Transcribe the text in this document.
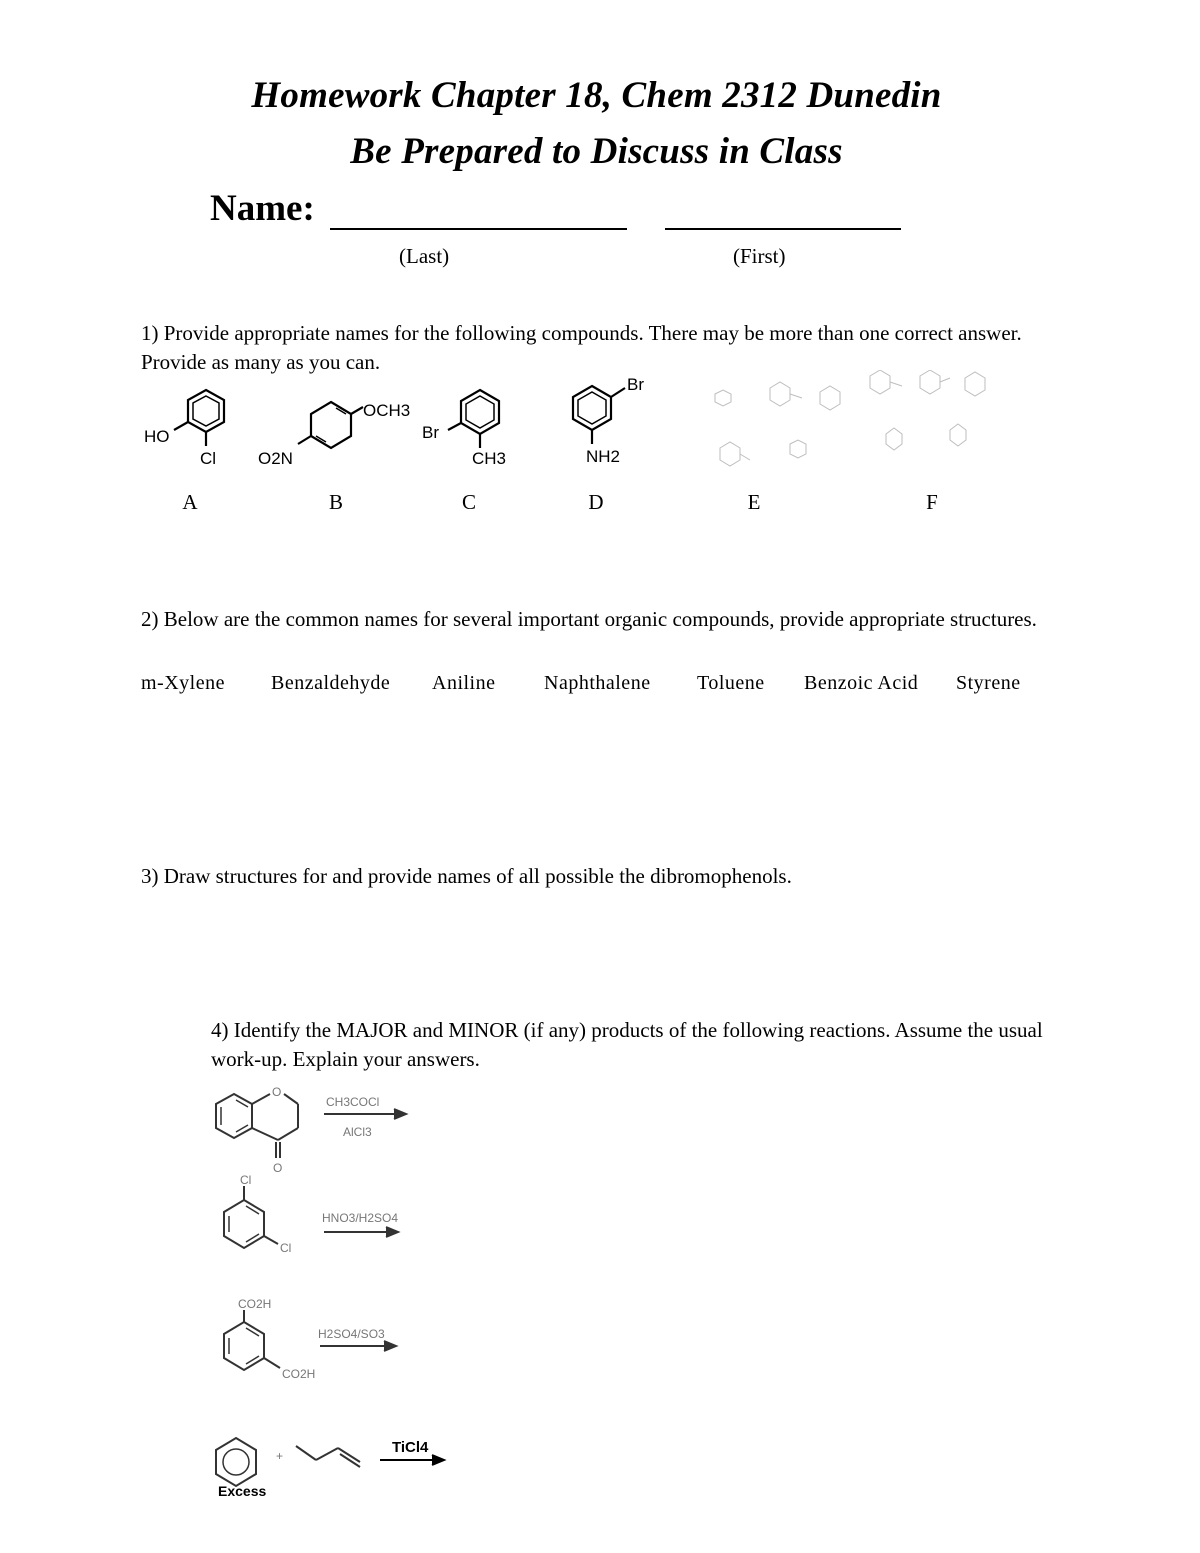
Homework Chapter 18, Chem 2312 Dunedin
Be Prepared to Discuss in Class
Name:
(Last)	(First)
1) Provide appropriate names for the following compounds. There may be more than one correct answer. Provide as many as you can.
HO
Cl
OCH3
O2N
Br
CH3
Br
NH2
A	B	C	D	E	F
2) Below are the common names for several important organic compounds, provide appropriate structures.
m-Xylene Benzaldehyde Aniline Naphthalene Toluene Benzoic Acid Styrene
3) Draw structures for and provide names of all possible the dibromophenols.
4) Identify the MAJOR and MINOR (if any) products of the following reactions. Assume the usual work-up. Explain your answers.
O
O
CH3COCl
AlCl3
Cl
Cl
HNO3/H2SO4
CO2H
CO2H
H2SO4/SO3
+	TiCl4
Excess
